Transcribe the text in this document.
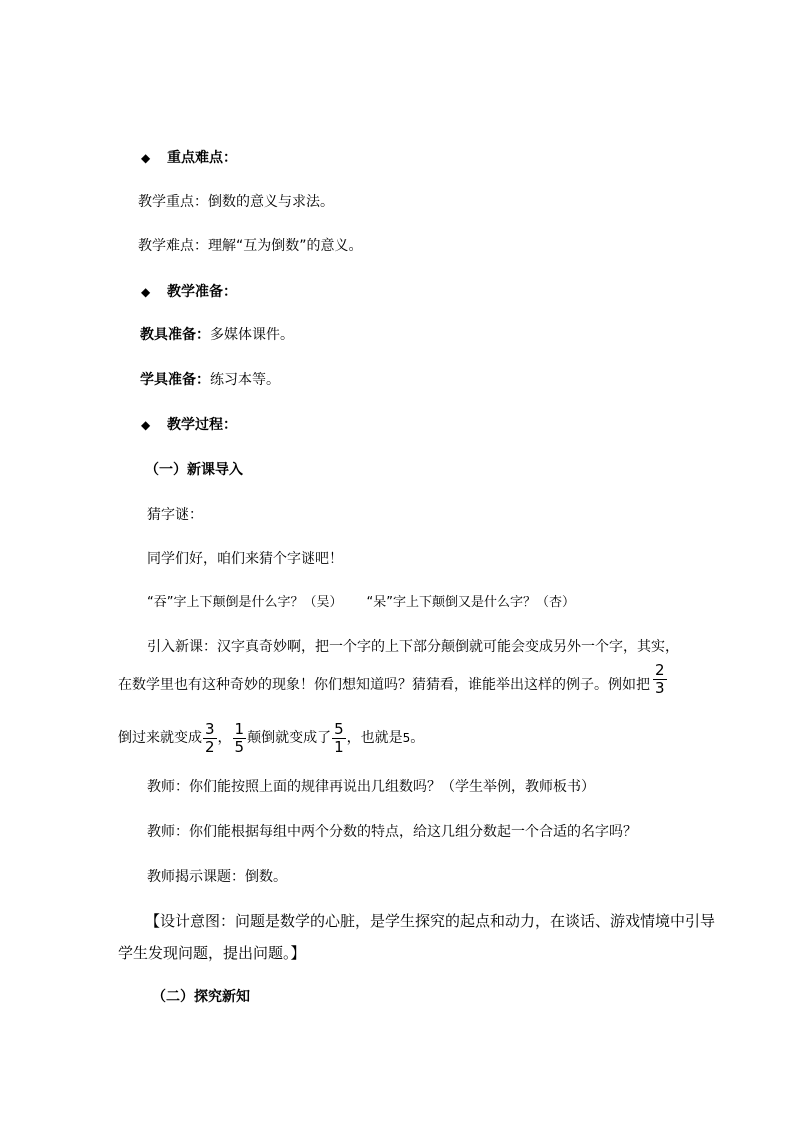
◆ 重点难点：
教学重点：倒数的意义与求法。
教学难点：理解“互为倒数”的意义。
◆ 教学准备：
教具准备：多媒体课件。
学具准备：练习本等。
◆ 教学过程：
（一）新课导入
猜字谜：
同学们好，咱们来猜个字谜吧！
“吞”字上下颠倒是什么字？（吴） “呆”字上下颠倒又是什么字？（杏）
引入新课：汉字真奇妙啊，把一个字的上下部分颠倒就可能会变成另外一个字，其实，
在数学里也有这种奇妙的现象！你们想知道吗？猜猜看，谁能举出这样的例子。例如把 $\frac{2}{3}$
倒过来就变成 $\frac{3}{2}$ ， $\frac{1}{5}$ 颠倒就变成了 $\frac{5}{1}$ ，也就是5。
教师：你们能按照上面的规律再说出几组数吗？（学生举例，教师板书）
教师：你们能根据每组中两个分数的特点，给这几组分数起一个合适的名字吗？
教师揭示课题：倒数。
【设计意图：问题是数学的心脏，是学生探究的起点和动力，在谈话、游戏情境中引导
学生发现问题，提出问题。】
（二）探究新知
